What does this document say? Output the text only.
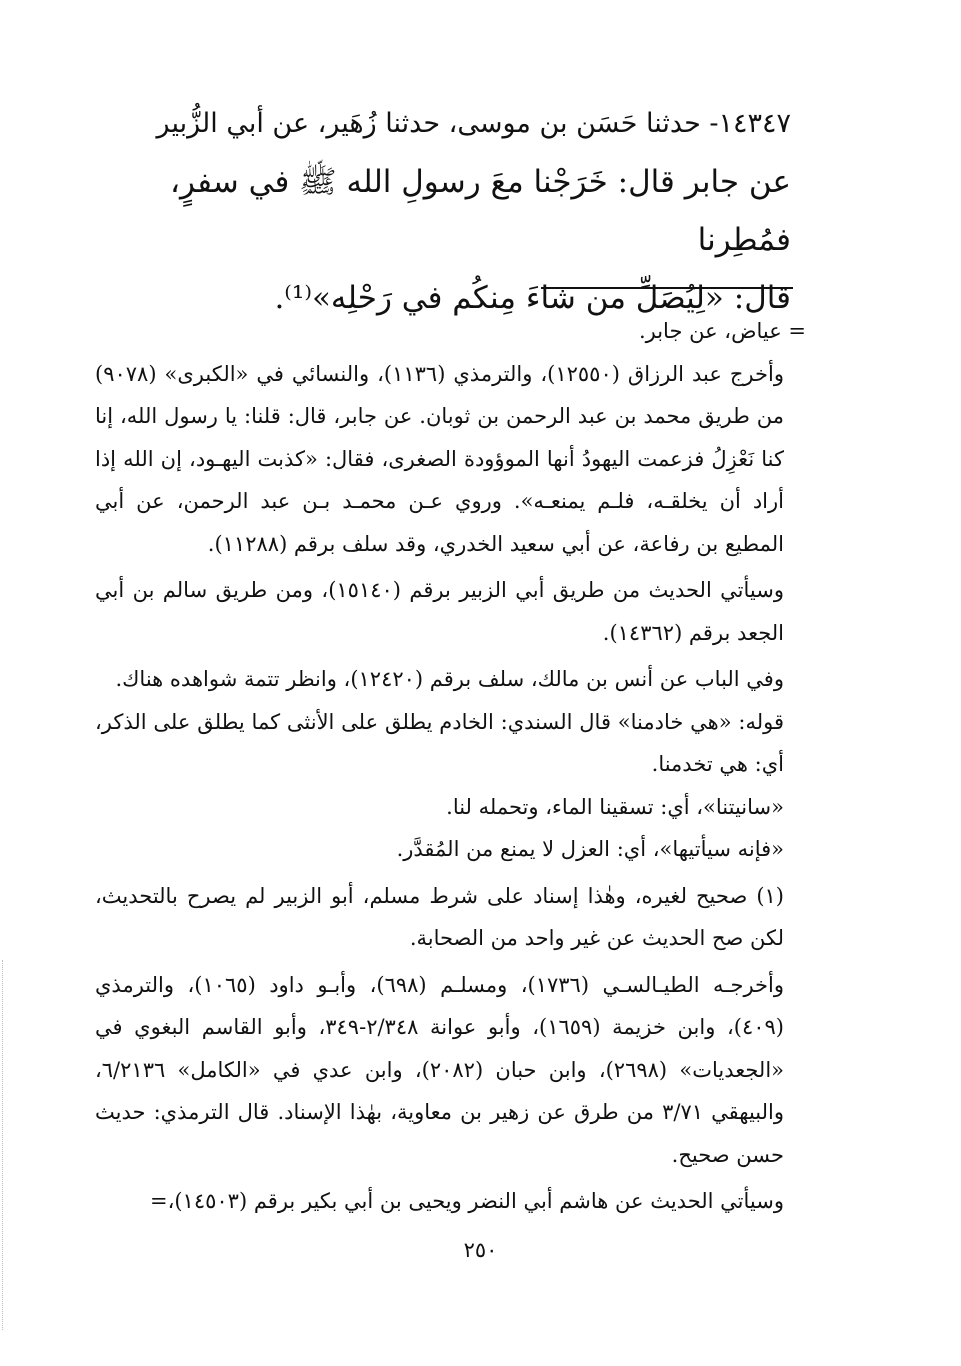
١٤٣٤٧- حدثنا حَسَن بن موسى، حدثنا زُهَير، عن أبي الزُّبير

عن جابر قال: خَرَجْنا معَ رسولِ الله ﷺ في سفرٍ، فمُطِرنا

قال: «لِيُصَلِّ من شاءَ مِنكُم في رَحْلِه»⁽¹⁾.

= عياض، عن جابر.

وأخرج عبد الرزاق (١٢٥٥٠)، والترمذي (١١٣٦)، والنسائي في «الكبرى» (٩٠٧٨) من طريق محمد بن عبد الرحمن بن ثوبان. عن جابر، قال: قلنا: يا رسول الله، إنا كنا نَعْزِلُ فزعمت اليهودُ أنها الموؤودة الصغرى، فقال: «كذبت اليهـود، إن الله إذا أراد أن يخلقـه، فلـم يمنعـه». وروي عـن محمـد بـن عبد الرحمن، عن أبي المطيع بن رفاعة، عن أبي سعيد الخدري، وقد سلف برقم (١١٢٨٨).

وسيأتي الحديث من طريق أبي الزبير برقم (١٥١٤٠)، ومن طريق سالم بن أبي الجعد برقم (١٤٣٦٢).

وفي الباب عن أنس بن مالك، سلف برقم (١٢٤٢٠)، وانظر تتمة شواهده هناك.

قوله: «هي خادمنا» قال السندي: الخادم يطلق على الأنثى كما يطلق على الذكر، أي: هي تخدمنا.

«سانيتنا»، أي: تسقينا الماء، وتحمله لنا.

«فإنه سيأتيها»، أي: العزل لا يمنع من المُقدَّر.

(١) صحيح لغيره، وهٰذا إسناد على شرط مسلم، أبو الزبير لم يصرح بالتحديث، لكن صح الحديث عن غير واحد من الصحابة.

وأخرجـه الطيـالسـي (١٧٣٦)، ومسلـم (٦٩٨)، وأبـو داود (١٠٦٥)، والترمذي (٤٠٩)، وابن خزيمة (١٦٥٩)، وأبو عوانة ٢/٣٤٨-٣٤٩، وأبو القاسم البغوي في «الجعديات» (٢٦٩٨)، وابن حبان (٢٠٨٢)، وابن عدي في «الكامل» ٦/٢١٣٦، والبيهقي ٣/٧١ من طرق عن زهير بن معاوية، بهٰذا الإسناد. قال الترمذي: حديث حسن صحيح.

وسيأتي الحديث عن هاشم أبي النضر ويحيى بن أبي بكير برقم (١٤٥٠٣)،=

٢٥٠
